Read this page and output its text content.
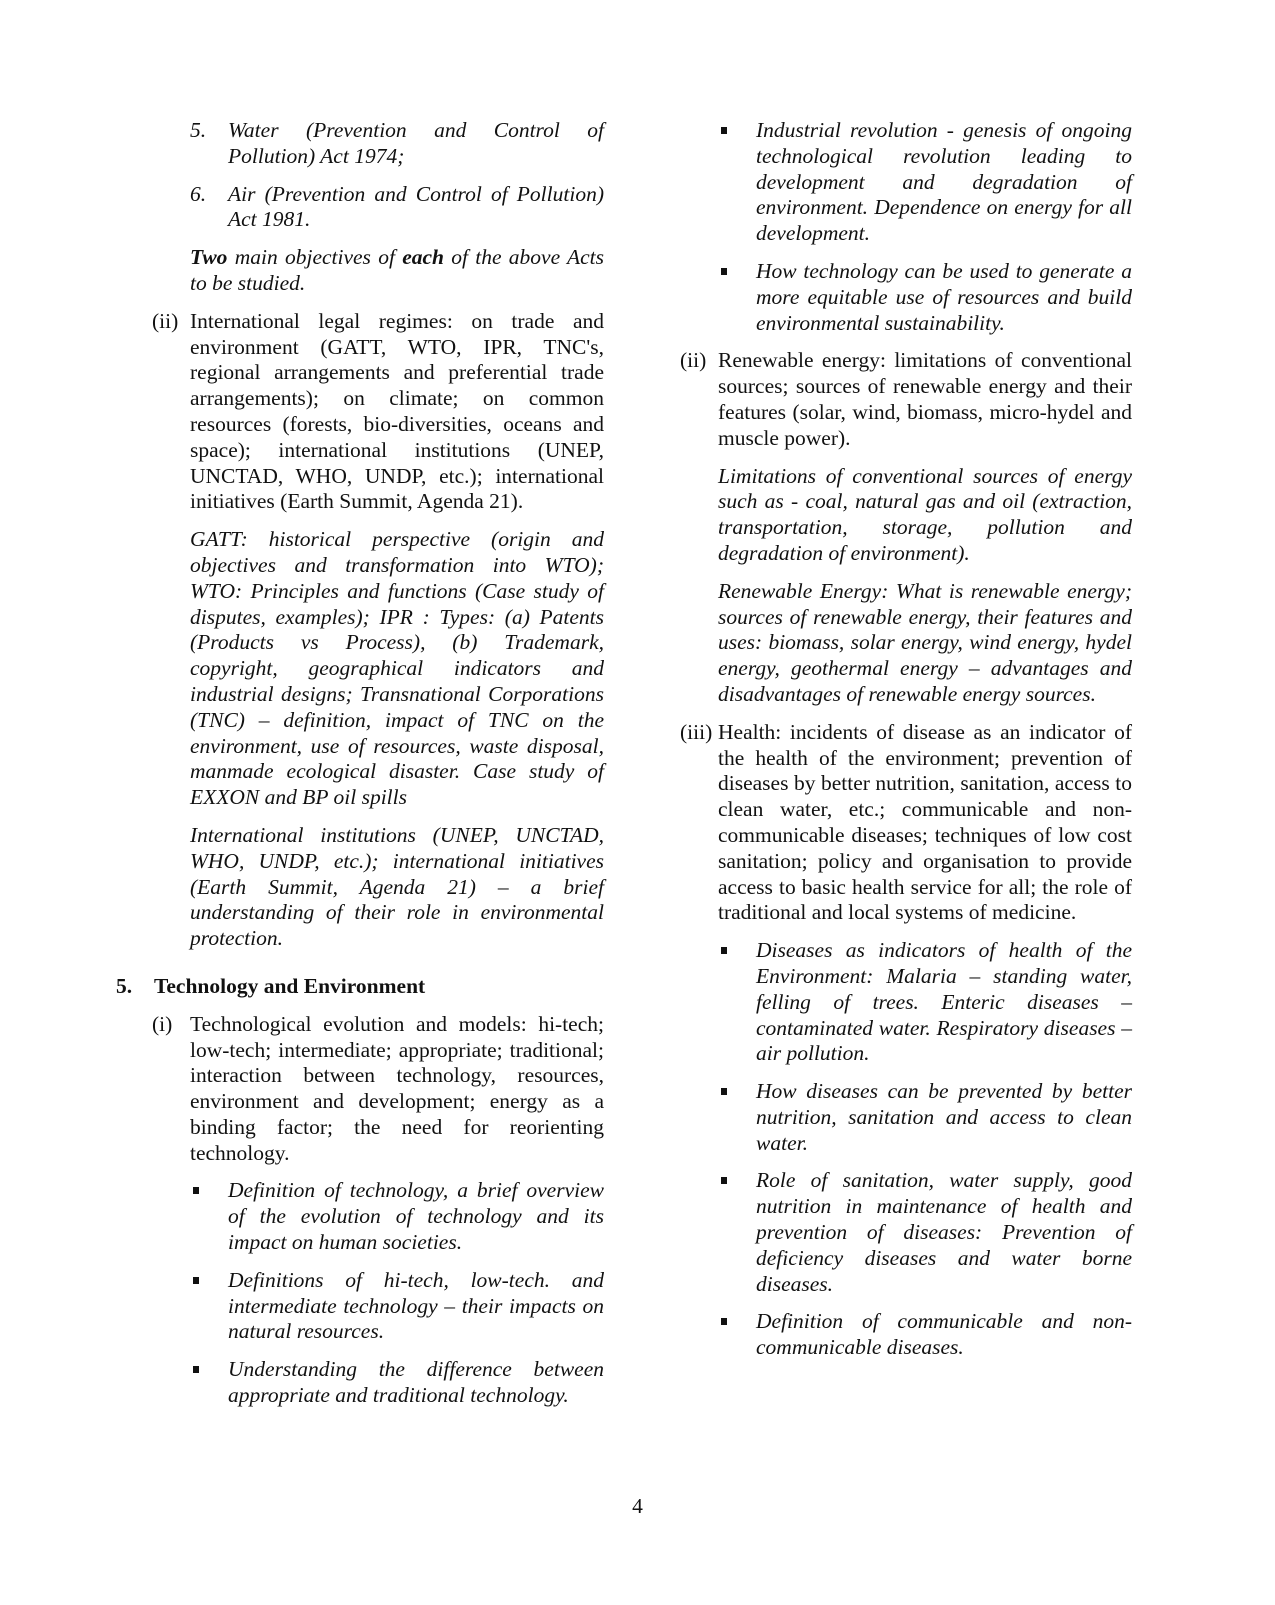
5.	Water (Prevention and Control of Pollution) Act 1974;
6.	Air (Prevention and Control of Pollution) Act 1981.

Two main objectives of each of the above Acts to be studied.

(ii) International legal regimes: on trade and environment (GATT, WTO, IPR, TNC's, regional arrangements and preferential trade arrangements); on climate; on common resources (forests, bio-diversities, oceans and space); international institutions (UNEP, UNCTAD, WHO, UNDP, etc.); international initiatives (Earth Summit, Agenda 21).

GATT: historical perspective (origin and objectives and transformation into WTO); WTO: Principles and functions (Case study of disputes, examples); IPR : Types: (a) Patents (Products vs Process), (b) Trademark, copyright, geographical indicators and industrial designs; Transnational Corporations (TNC) – definition, impact of TNC on the environment, use of resources, waste disposal, manmade ecological disaster. Case study of EXXON and BP oil spills

International institutions (UNEP, UNCTAD, WHO, UNDP, etc.); international initiatives (Earth Summit, Agenda 21) – a brief understanding of their role in environmental protection.

5.	Technology and Environment
(i) Technological evolution and models: hi-tech; low-tech; intermediate; appropriate; traditional; interaction between technology, resources, environment and development; energy as a binding factor; the need for reorienting technology.

Definition of technology, a brief overview of the evolution of technology and its impact on human societies.
Definitions of hi-tech, low-tech. and intermediate technology – their impacts on natural resources.
Understanding the difference between appropriate and traditional technology.
Industrial revolution - genesis of ongoing technological revolution leading to development and degradation of environment. Dependence on energy for all development.
How technology can be used to generate a more equitable use of resources and build environmental sustainability.
(ii) Renewable energy: limitations of conventional sources; sources of renewable energy and their features (solar, wind, biomass, micro-hydel and muscle power).

Limitations of conventional sources of energy such as - coal, natural gas and oil (extraction, transportation, storage, pollution and degradation of environment).

Renewable Energy: What is renewable energy; sources of renewable energy, their features and uses: biomass, solar energy, wind energy, hydel energy, geothermal energy – advantages and disadvantages of renewable energy sources.

(iii) Health: incidents of disease as an indicator of the health of the environment; prevention of diseases by better nutrition, sanitation, access to clean water, etc.; communicable and non-communicable diseases; techniques of low cost sanitation; policy and organisation to provide access to basic health service for all; the role of traditional and local systems of medicine.

Diseases as indicators of health of the Environment: Malaria – standing water, felling of trees. Enteric diseases – contaminated water. Respiratory diseases – air pollution.
How diseases can be prevented by better nutrition, sanitation and access to clean water.
Role of sanitation, water supply, good nutrition in maintenance of health and prevention of diseases: Prevention of deficiency diseases and water borne diseases.
Definition of communicable and non-communicable diseases.
4
